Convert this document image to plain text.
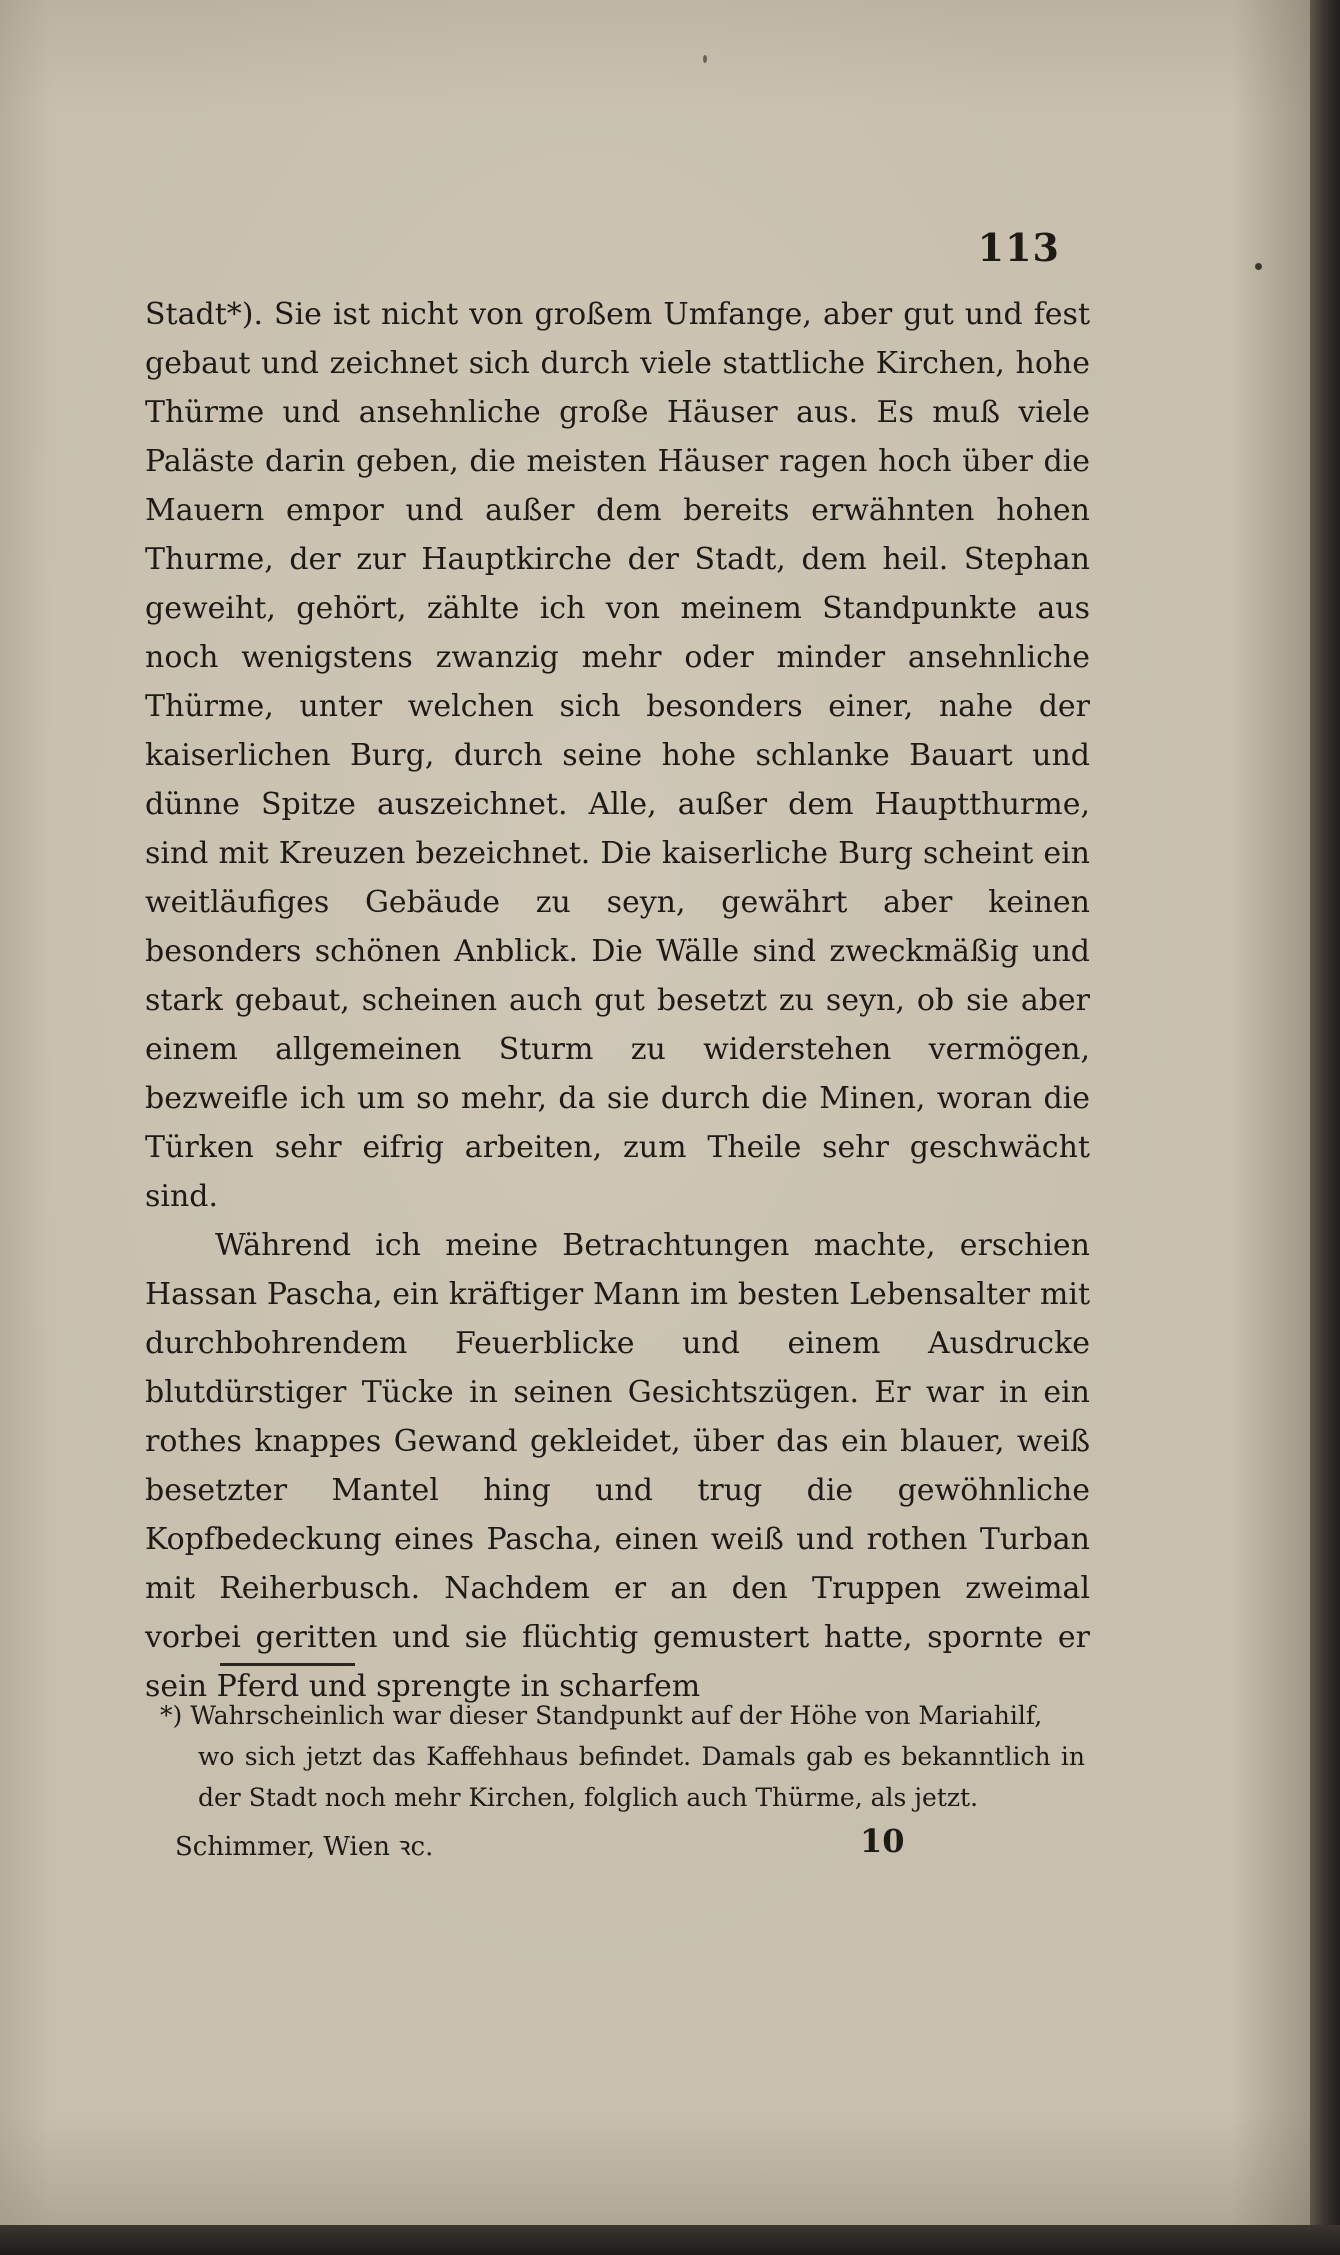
113

Stadt*). Sie ist nicht von großem Umfange, aber gut und fest gebaut und zeichnet sich durch viele stattliche Kirchen, hohe Thürme und ansehnliche große Häuser aus. Es muß viele Paläste darin geben, die meisten Häuser ragen hoch über die Mauern empor und außer dem bereits erwähnten hohen Thurme, der zur Hauptkirche der Stadt, dem heil. Stephan geweiht, gehört, zählte ich von meinem Standpunkte aus noch wenigstens zwanzig mehr oder minder ansehnliche Thürme, unter welchen sich besonders einer, nahe der kaiserlichen Burg, durch seine hohe schlanke Bauart und dünne Spitze auszeichnet. Alle, außer dem Hauptthurme, sind mit Kreuzen bezeichnet. Die kaiserliche Burg scheint ein weitläufiges Gebäude zu seyn, gewährt aber keinen besonders schönen Anblick. Die Wälle sind zweckmäßig und stark gebaut, scheinen auch gut besetzt zu seyn, ob sie aber einem allgemeinen Sturm zu widerstehen vermögen, bezweifle ich um so mehr, da sie durch die Minen, woran die Türken sehr eifrig arbeiten, zum Theile sehr geschwächt sind.

Während ich meine Betrachtungen machte, erschien Hassan Pascha, ein kräftiger Mann im besten Lebensalter mit durchbohrendem Feuerblicke und einem Ausdrucke blutdürstiger Tücke in seinen Gesichtszügen. Er war in ein rothes knappes Gewand gekleidet, über das ein blauer, weiß besetzter Mantel hing und trug die gewöhnliche Kopfbedeckung eines Pascha, einen weiß und rothen Turban mit Reiherbusch. Nachdem er an den Truppen zweimal vorbei geritten und sie flüchtig gemustert hatte, spornte er sein Pferd und sprengte in scharfem

*) Wahrscheinlich war dieser Standpunkt auf der Höhe von Mariahilf,
wo sich jetzt das Kaffehhaus befindet. Damals gab es bekanntlich in der Stadt noch mehr Kirchen, folglich auch Thürme, als jetzt.
Schimmer, Wien ꝛc.	10
